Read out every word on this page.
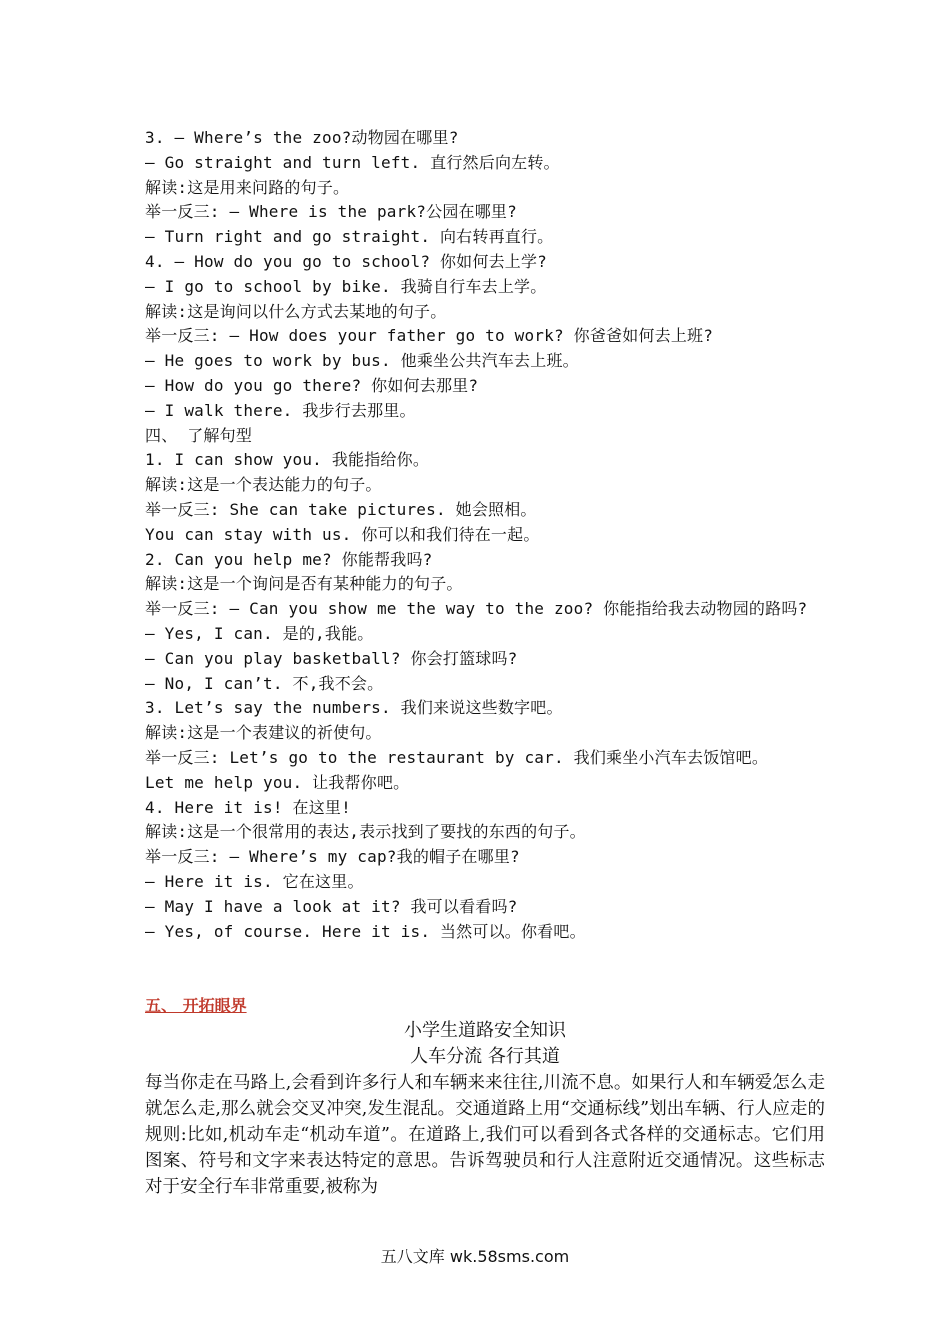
3. — Where’s the zoo?动物园在哪里?
— Go straight and turn left. 直行然后向左转。
解读:这是用来问路的句子。
举一反三: — Where is the park?公园在哪里?
— Turn right and go straight. 向右转再直行。
4. — How do you go to school? 你如何去上学?
— I go to school by bike. 我骑自行车去上学。
解读:这是询问以什么方式去某地的句子。
举一反三: — How does your father go to work? 你爸爸如何去上班?
— He goes to work by bus. 他乘坐公共汽车去上班。
— How do you go there? 你如何去那里?
— I walk there. 我步行去那里。
四、 了解句型
1. I can show you. 我能指给你。
解读:这是一个表达能力的句子。
举一反三: She can take pictures. 她会照相。
You can stay with us. 你可以和我们待在一起。
2. Can you help me? 你能帮我吗?
解读:这是一个询问是否有某种能力的句子。
举一反三: — Can you show me the way to the zoo? 你能指给我去动物园的路吗?
— Yes, I can. 是的,我能。
— Can you play basketball? 你会打篮球吗?
— No, I can’t. 不,我不会。
3. Let’s say the numbers. 我们来说这些数字吧。
解读:这是一个表建议的祈使句。
举一反三: Let’s go to the restaurant by car. 我们乘坐小汽车去饭馆吧。
Let me help you. 让我帮你吧。
4. Here it is! 在这里!
解读:这是一个很常用的表达,表示找到了要找的东西的句子。
举一反三: — Where’s my cap?我的帽子在哪里?
— Here it is. 它在这里。
— May I have a look at it? 我可以看看吗?
— Yes, of course. Here it is. 当然可以。你看吧。
五、 开拓眼界
小学生道路安全知识
人车分流 各行其道
每当你走在马路上,会看到许多行人和车辆来来往往,川流不息。如果行人和车辆爱怎么走就怎么走,那么就会交叉冲突,发生混乱。交通道路上用“交通标线”划出车辆、行人应走的规则:比如,机动车走“机动车道”。在道路上,我们可以看到各式各样的交通标志。它们用图案、符号和文字来表达特定的意思。告诉驾驶员和行人注意附近交通情况。这些标志对于安全行车非常重要,被称为
五八文库 wk.58sms.com
